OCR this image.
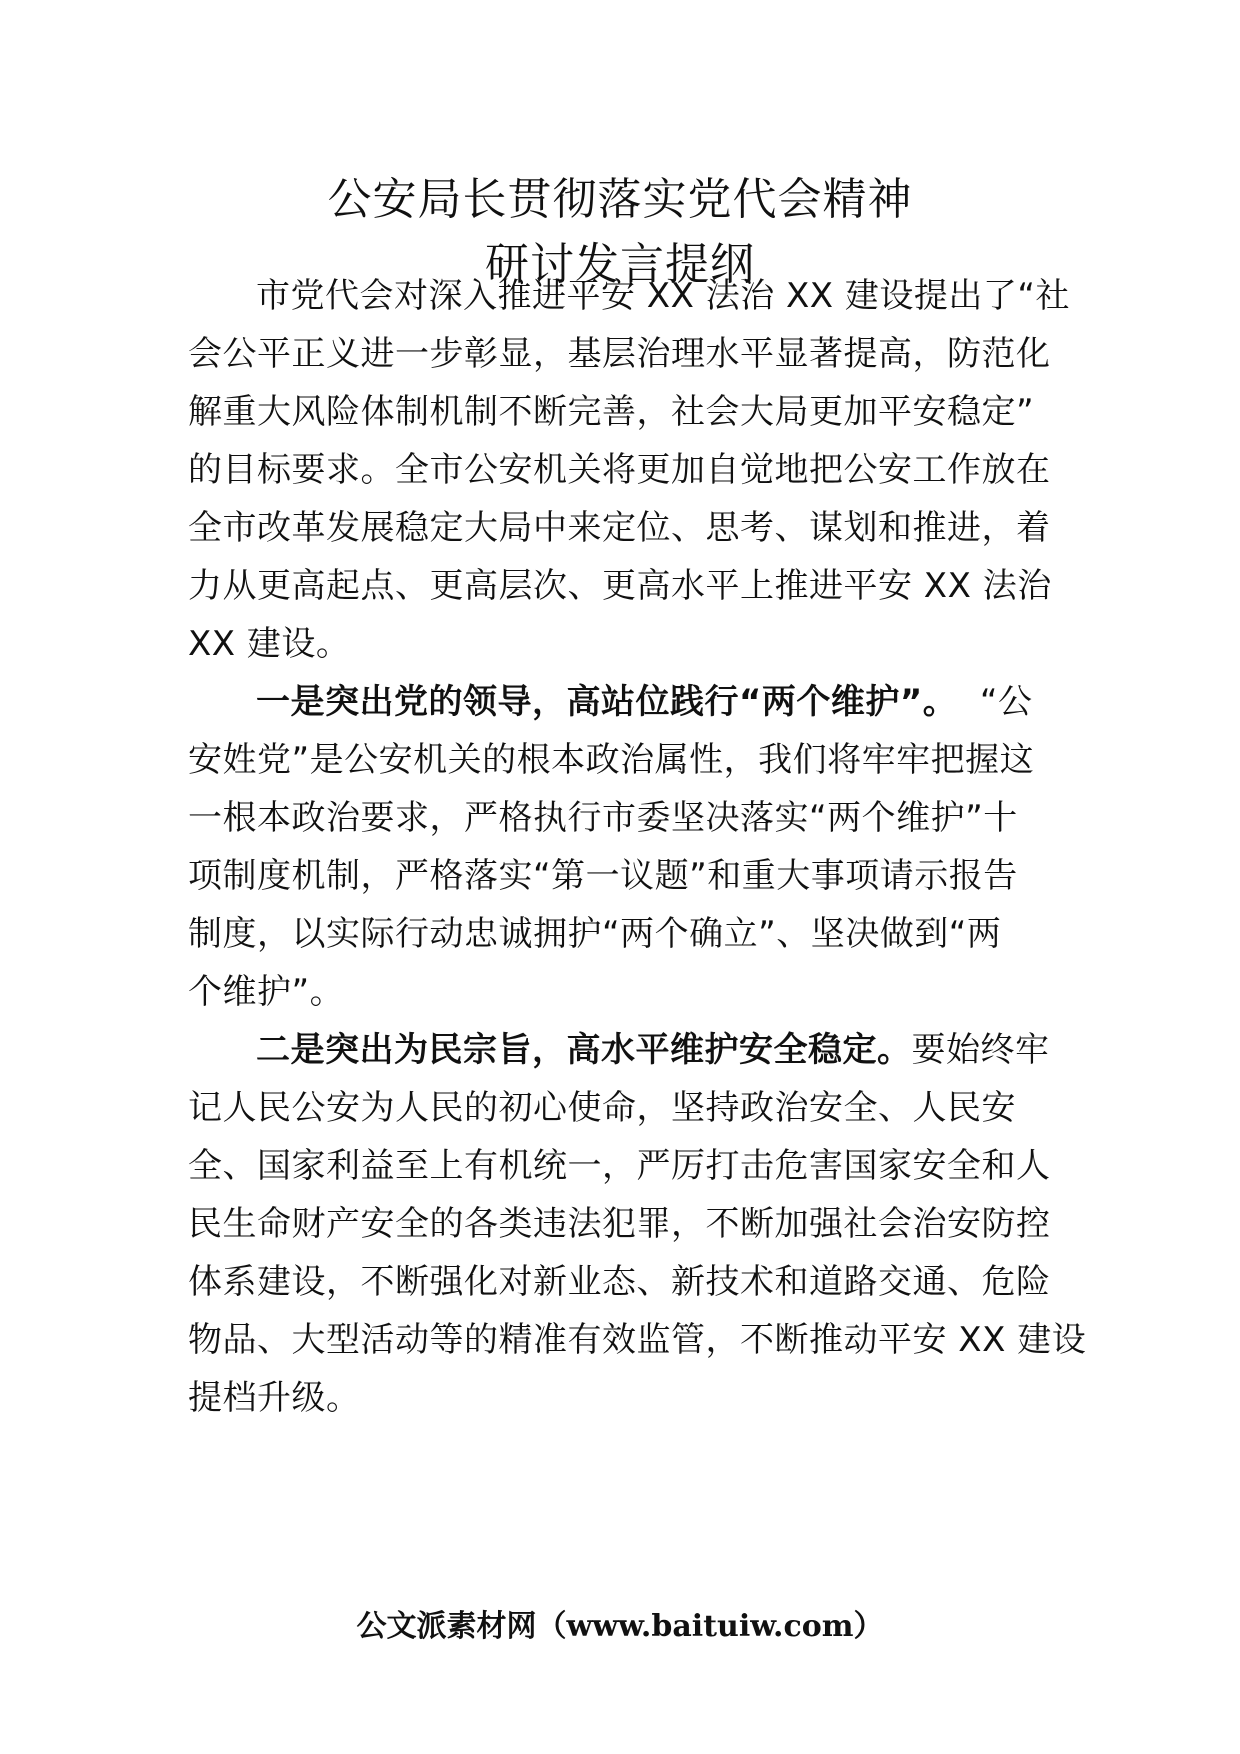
公安局长贯彻落实党代会精神
研讨发言提纲
市党代会对深入推进平安 XX 法治 XX 建设提出了“社
会公平正义进一步彰显，基层治理水平显著提高，防范化
解重大风险体制机制不断完善，社会大局更加平安稳定”
的目标要求。全市公安机关将更加自觉地把公安工作放在
全市改革发展稳定大局中来定位、思考、谋划和推进，着
力从更高起点、更高层次、更高水平上推进平安 XX 法治
XX 建设。
一是突出党的领导，高站位践行“两个维护”。 “公
安姓党”是公安机关的根本政治属性，我们将牢牢把握这
一根本政治要求，严格执行市委坚决落实“两个维护”十
项制度机制，严格落实“第一议题”和重大事项请示报告
制度，以实际行动忠诚拥护“两个确立”、坚决做到“两
个维护”。
二是突出为民宗旨，高水平维护安全稳定。要始终牢
记人民公安为人民的初心使命，坚持政治安全、人民安
全、国家利益至上有机统一，严厉打击危害国家安全和人
民生命财产安全的各类违法犯罪，不断加强社会治安防控
体系建设，不断强化对新业态、新技术和道路交通、危险
物品、大型活动等的精准有效监管，不断推动平安 XX 建设
提档升级。
公文派素材网（www.baituiw.com）
